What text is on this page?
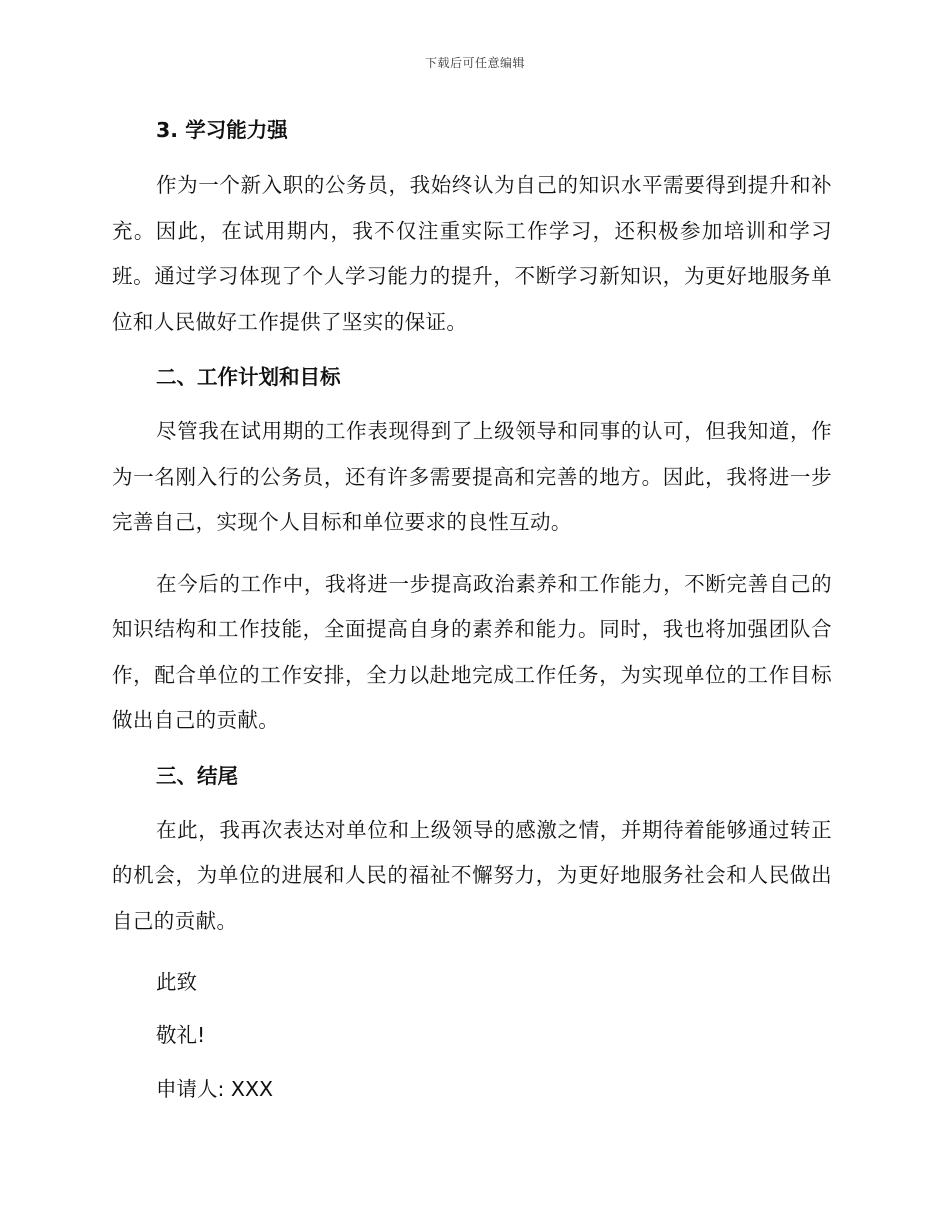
下载后可任意编辑

3. 学习能力强

作为一个新入职的公务员，我始终认为自己的知识水平需要得到提升和补充。因此，在试用期内，我不仅注重实际工作学习，还积极参加培训和学习班。通过学习体现了个人学习能力的提升，不断学习新知识，为更好地服务单位和人民做好工作提供了坚实的保证。

二、工作计划和目标

尽管我在试用期的工作表现得到了上级领导和同事的认可，但我知道，作为一名刚入行的公务员，还有许多需要提高和完善的地方。因此，我将进一步完善自己，实现个人目标和单位要求的良性互动。

在今后的工作中，我将进一步提高政治素养和工作能力，不断完善自己的知识结构和工作技能，全面提高自身的素养和能力。同时，我也将加强团队合作，配合单位的工作安排，全力以赴地完成工作任务，为实现单位的工作目标做出自己的贡献。

三、结尾

在此，我再次表达对单位和上级领导的感激之情，并期待着能够通过转正的机会，为单位的进展和人民的福祉不懈努力，为更好地服务社会和人民做出自己的贡献。

此致

敬礼!

申请人: XXX
